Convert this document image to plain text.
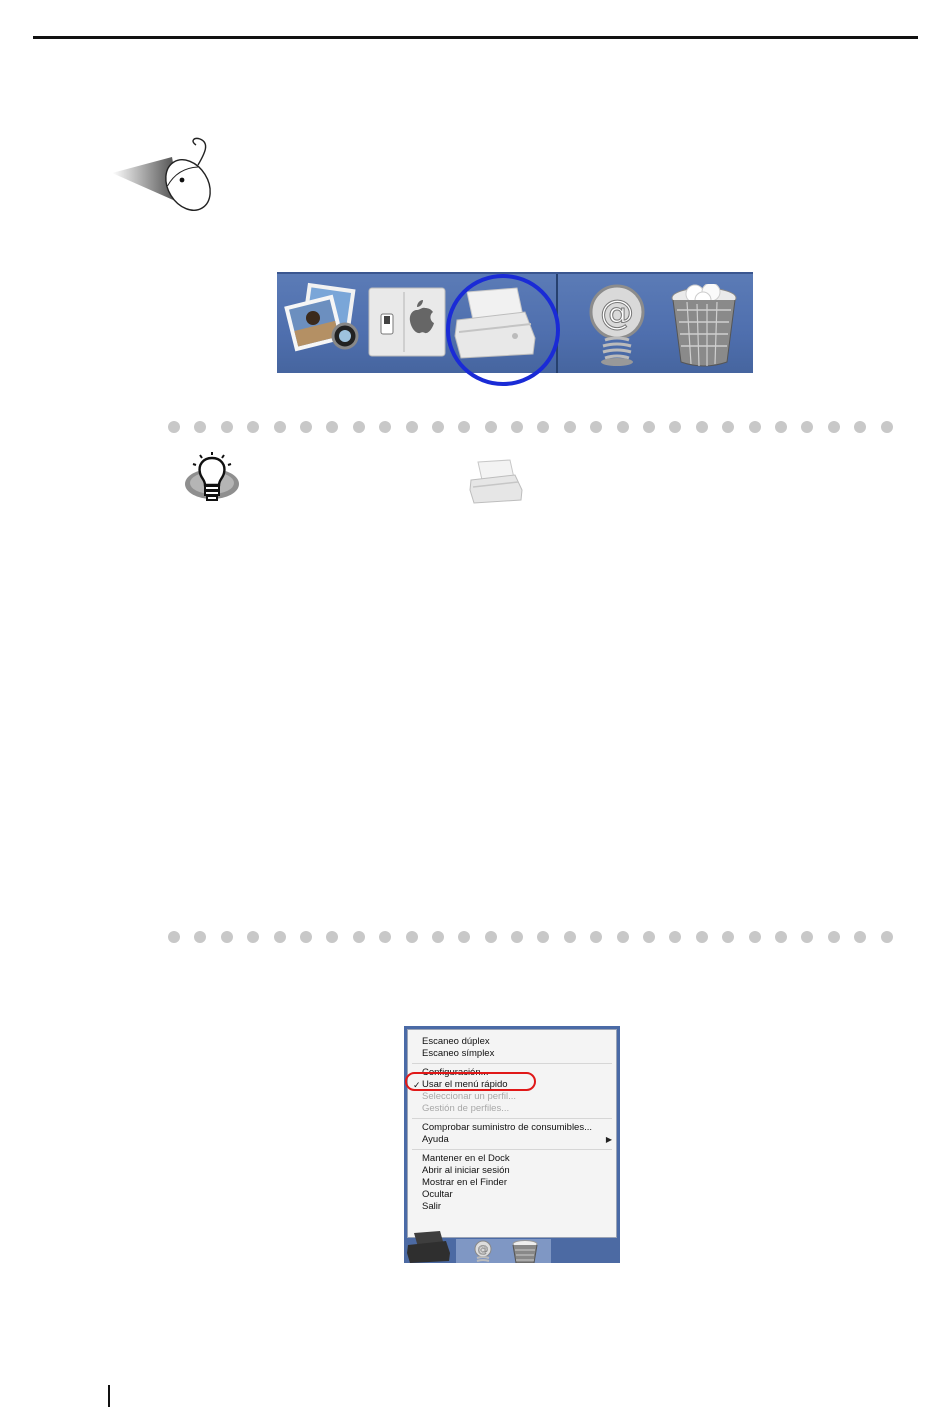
@
Escaneo dúplex
Escaneo símplex
Configuración...
✓ Usar el menú rápido
Seleccionar un perfil...
Gestión de perfiles...
Comprobar suministro de consumibles...
Ayuda	▶
Mantener en el Dock
Abrir al iniciar sesión
Mostrar en el Finder
Ocultar
Salir
@
